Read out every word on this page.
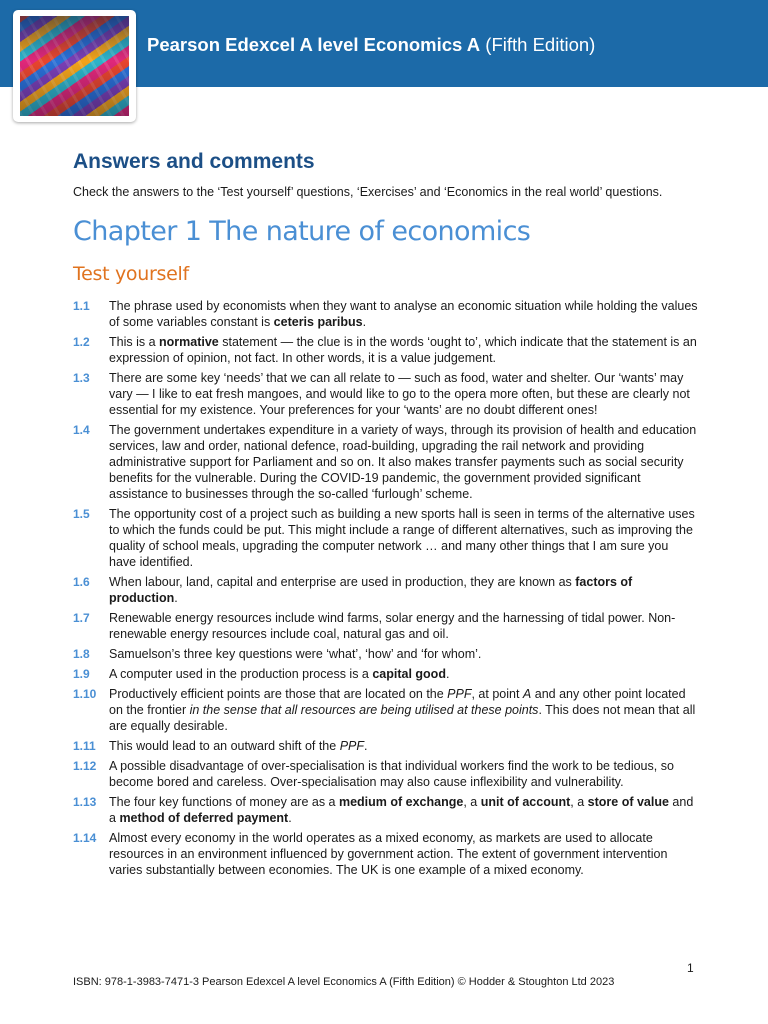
Pearson Edexcel A level Economics A (Fifth Edition)
Answers and comments

Check the answers to the ‘Test yourself’ questions, ‘Exercises’ and ‘Economics in the real world’ questions.

Chapter 1 The nature of economics
Test yourself
1.1 The phrase used by economists when they want to analyse an economic situation while holding the values of some variables constant is ceteris paribus.
1.2 This is a normative statement — the clue is in the words ‘ought to’, which indicate that the statement is an expression of opinion, not fact. In other words, it is a value judgement.
1.3 There are some key ‘needs’ that we can all relate to — such as food, water and shelter. Our ‘wants’ may vary — I like to eat fresh mangoes, and would like to go to the opera more often, but these are clearly not essential for my existence. Your preferences for your ‘wants’ are no doubt different ones!
1.4 The government undertakes expenditure in a variety of ways, through its provision of health and education services, law and order, national defence, road-building, upgrading the rail network and providing administrative support for Parliament and so on. It also makes transfer payments such as social security benefits for the vulnerable. During the COVID-19 pandemic, the government provided significant assistance to businesses through the so-called ‘furlough’ scheme.
1.5 The opportunity cost of a project such as building a new sports hall is seen in terms of the alternative uses to which the funds could be put. This might include a range of different alternatives, such as improving the quality of school meals, upgrading the computer network … and many other things that I am sure you have identified.
1.6 When labour, land, capital and enterprise are used in production, they are known as factors of production.
1.7 Renewable energy resources include wind farms, solar energy and the harnessing of tidal power. Non-renewable energy resources include coal, natural gas and oil.
1.8 Samuelson’s three key questions were ‘what’, ‘how’ and ‘for whom’.
1.9 A computer used in the production process is a capital good.
1.10 Productively efficient points are those that are located on the PPF, at point A and any other point located on the frontier in the sense that all resources are being utilised at these points. This does not mean that all are equally desirable.
1.11 This would lead to an outward shift of the PPF.
1.12 A possible disadvantage of over-specialisation is that individual workers find the work to be tedious, so become bored and careless. Over-specialisation may also cause inflexibility and vulnerability.
1.13 The four key functions of money are as a medium of exchange, a unit of account, a store of value and a method of deferred payment.
1.14 Almost every economy in the world operates as a mixed economy, as markets are used to allocate resources in an environment influenced by government action. The extent of government intervention varies substantially between economies. The UK is one example of a mixed economy.
1
ISBN: 978-1-3983-7471-3 Pearson Edexcel A level Economics A (Fifth Edition) © Hodder & Stoughton Ltd 2023
